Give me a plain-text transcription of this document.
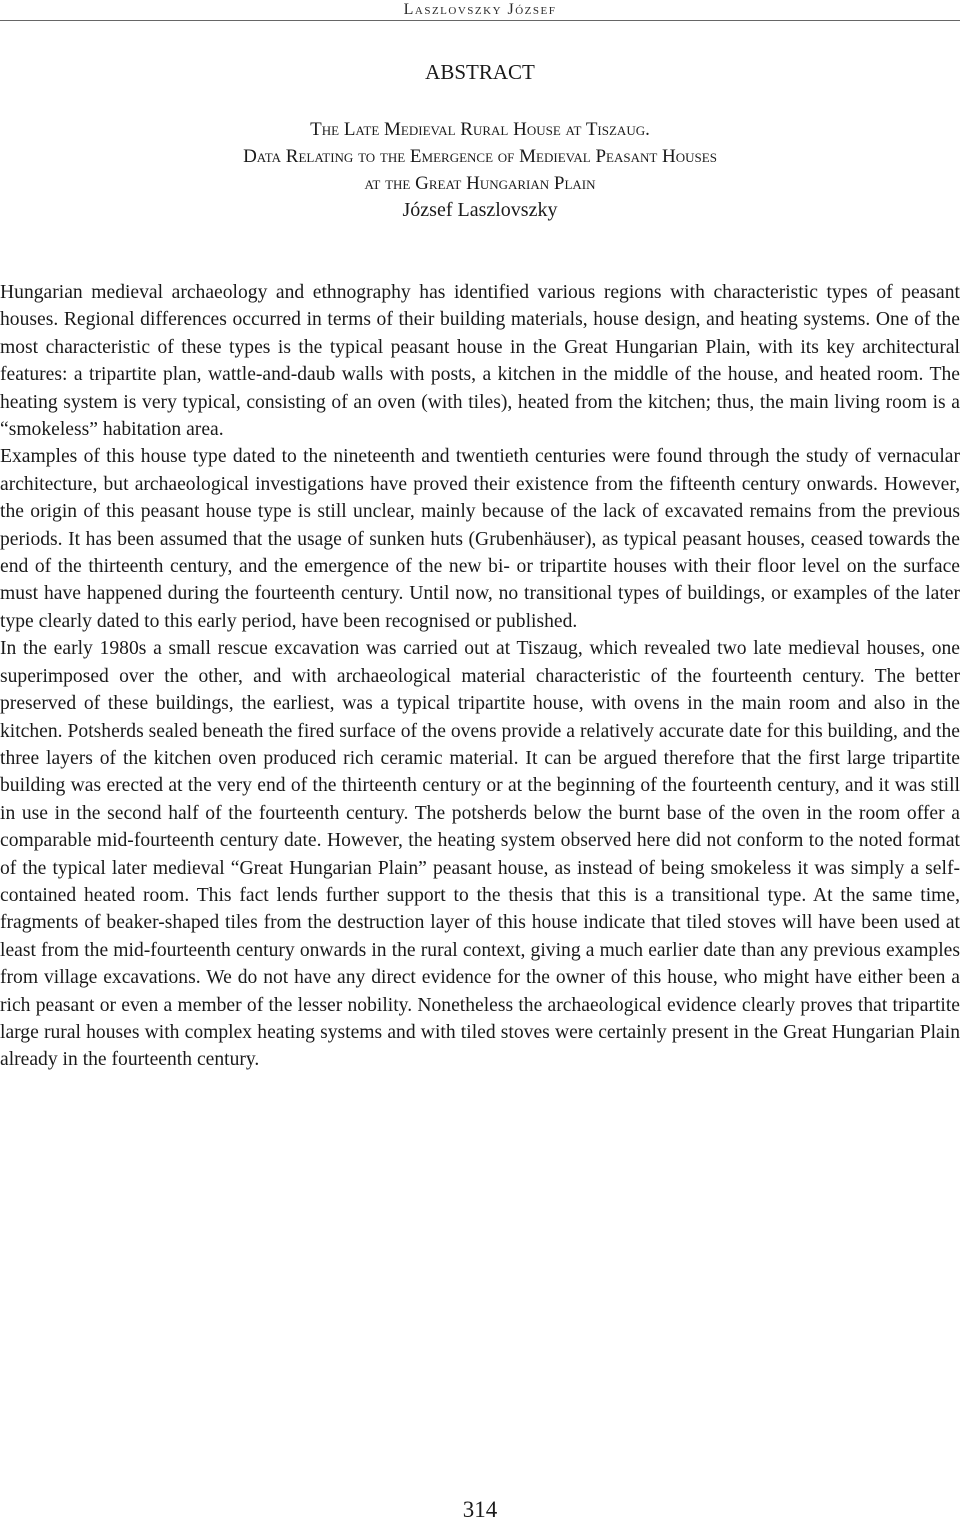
Laszlovszky József
ABSTRACT
The Late Medieval Rural House at Tiszaug.
Data Relating to the Emergence of Medieval Peasant Houses
at the Great Hungarian Plain
József Laszlovszky

Hungarian medieval archaeology and ethnography has identified various regions with characteristic types of peasant houses. Regional differences occurred in terms of their building materials, house design, and heating systems. One of the most characteristic of these types is the typical peasant house in the Great Hungarian Plain, with its key architectural features: a tripartite plan, wattle-and-daub walls with posts, a kitchen in the middle of the house, and heated room. The heating system is very typical, consisting of an oven (with tiles), heated from the kitchen; thus, the main living room is a “smokeless” habitation area.

Examples of this house type dated to the nineteenth and twentieth centuries were found through the study of vernacular architecture, but archaeological investigations have proved their existence from the fifteenth century onwards. However, the origin of this peasant house type is still unclear, mainly because of the lack of excavated remains from the previous periods. It has been assumed that the usage of sunken huts (Grubenhäuser), as typical peasant houses, ceased towards the end of the thirteenth century, and the emergence of the new bi- or tripartite houses with their floor level on the surface must have happened during the fourteenth century. Until now, no transitional types of buildings, or examples of the later type clearly dated to this early period, have been recognised or published.

In the early 1980s a small rescue excavation was carried out at Tiszaug, which revealed two late medieval houses, one superimposed over the other, and with archaeological material characteristic of the fourteenth century. The better preserved of these buildings, the earliest, was a typical tripartite house, with ovens in the main room and also in the kitchen. Potsherds sealed beneath the fired surface of the ovens provide a relatively accurate date for this building, and the three layers of the kitchen oven produced rich ceramic material. It can be argued therefore that the first large tripartite building was erected at the very end of the thirteenth century or at the beginning of the fourteenth century, and it was still in use in the second half of the fourteenth century. The potsherds below the burnt base of the oven in the room offer a comparable mid-fourteenth century date. However, the heating system observed here did not conform to the noted format of the typical later medieval “Great Hungarian Plain” peasant house, as instead of being smokeless it was simply a self-contained heated room. This fact lends further support to the thesis that this is a transitional type. At the same time, fragments of beaker-shaped tiles from the destruction layer of this house indicate that tiled stoves will have been used at least from the mid-fourteenth century onwards in the rural context, giving a much earlier date than any previous examples from village excavations. We do not have any direct evidence for the owner of this house, who might have either been a rich peasant or even a member of the lesser nobility. Nonetheless the archaeological evidence clearly proves that tripartite large rural houses with complex heating systems and with tiled stoves were certainly present in the Great Hungarian Plain already in the fourteenth century.

314
